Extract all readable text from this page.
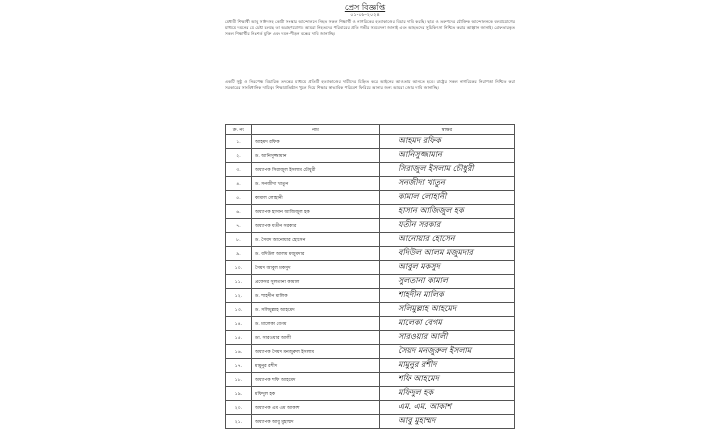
প্রেস বিজ্ঞপ্তি
০১-০৮-২০২৪
মেধাবী শিক্ষার্থী আবু সাঈদসহ কোটা সংস্কার আন্দোলনে নিহত সকল শিক্ষার্থী ও নাগরিকের হত্যাকাণ্ডের বিচার দাবি করছি। ছাত্র ও তরুণদের যৌক্তিক আন্দোলনকে বলপ্রয়োগের মাধ্যমে দমনের যে চেষ্টা চলছে তা অগ্রহণযোগ্য। আমরা নিহতদের পরিবারের প্রতি গভীর সমবেদনা জানাই এবং আহতদের সুচিকিৎসা নিশ্চিত করার আহ্বান জানাই। গ্রেফতারকৃত সকল শিক্ষার্থীর নিঃশর্ত মুক্তি এবং দমন-পীড়ন বন্ধের দাবি জানাচ্ছি।
একটি সুষ্ঠু ও নিরপেক্ষ বিচারিক তদন্তের মাধ্যমে প্রতিটি হত্যাকাণ্ডের দায়ীদের চিহ্নিত করে আইনের আওতায় আনতে হবে। রাষ্ট্রের সকল নাগরিকের নিরাপত্তা নিশ্চিত করা সরকারের সাংবিধানিক দায়িত্ব। শিক্ষাপ্রতিষ্ঠান খুলে দিয়ে শিক্ষার স্বাভাবিক পরিবেশ ফিরিয়ে আনার জন্য আমরা জোর দাবি জানাচ্ছি।
ক্র. নং	নাম	স্বাক্ষর
১.	আহমদ রফিক	আহমদ রফিক
২.	ড. আনিসুজ্জামান	আনিসুজ্জামান
৩.	অধ্যাপক সিরাজুল ইসলাম চৌধুরী	সিরাজুল ইসলাম চৌধুরী
৪.	ড. সনজীদা খাতুন	সনজীদা খাতুন
৫.	কামাল লোহানী	কামাল লোহানী
৬.	অধ্যাপক হাসান আজিজুল হক	হাসান আজিজুল হক
৭.	অধ্যাপক যতীন সরকার	যতীন সরকার
৮.	ড. সৈয়দ আনোয়ার হোসেন	আনোয়ার হোসেন
৯.	ড. বদিউল আলম মজুমদার	বদিউল আলম মজুমদার
১০.	সৈয়দ আবুল মকসুদ	আবুল মকসুদ
১১.	প্রফেসর সুলতানা কামাল	সুলতানা কামাল
১২.	ড. শাহদীন মালিক	শাহদীন মালিক
১৩.	ড. সলিমুল্লাহ আহমেদ	সলিমুল্লাহ আহমেদ
১৪.	ড. মালেকা বেগম	মালেকা বেগম
১৫.	ডা. সারওয়ার আলী	সারওয়ার আলী
১৬.	অধ্যাপক সৈয়দ মনজুরুল ইসলাম	সৈয়দ মনজুরুল ইসলাম
১৭.	মামুনুর রশীদ	মামুনুর রশীদ
১৮.	অধ্যাপক শফি আহমেদ	শফি আহমেদ
১৯.	মফিদুল হক	মফিদুল হক
২০.	অধ্যাপক এম এম আকাশ	এম. এম. আকাশ
২১.	অধ্যাপক আবু মুহাম্মদ	আবু মুহাম্মদ
